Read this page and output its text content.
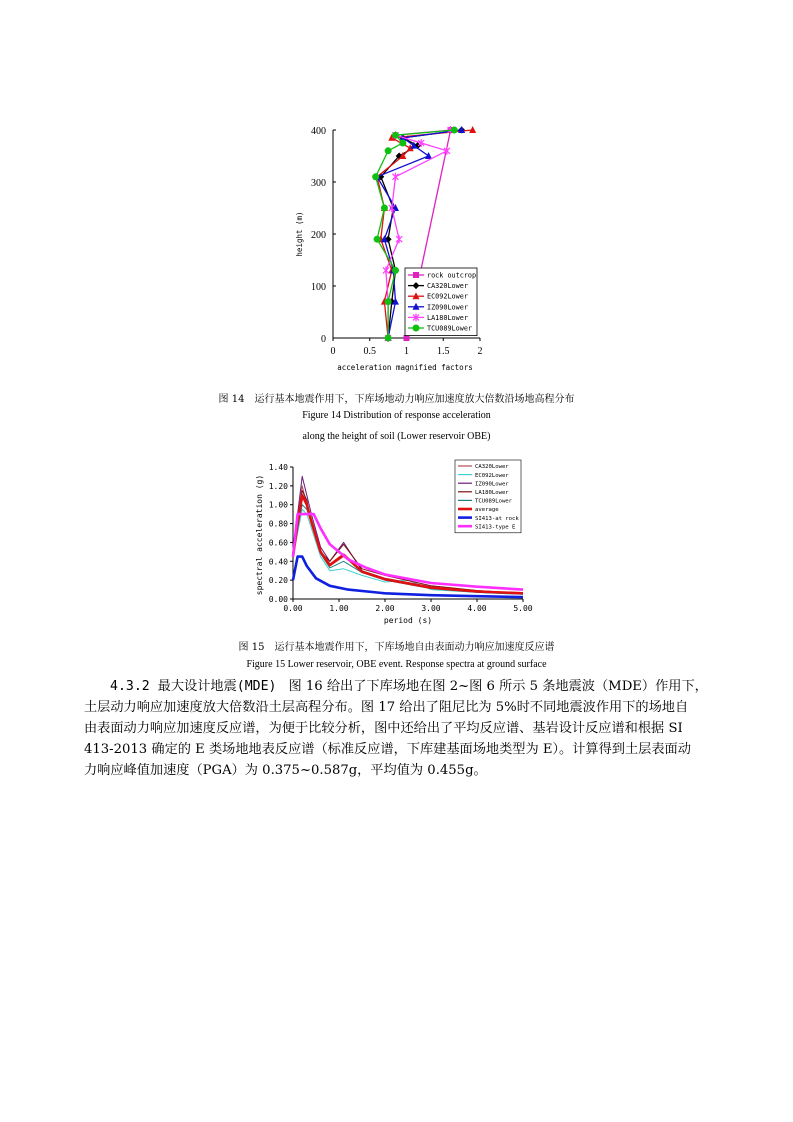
0	0.5	1	1.5	2
0
100
200
300
400
rock outcrop
CA320Lower
EC092Lower
IZ090Lower
LA180Lower
TCU089Lower
acceleration magnified factors
height (m)
图 14　运行基本地震作用下，下库场地动力响应加速度放大倍数沿场地高程分布
Figure 14 Distribution of response acceleration
along the height of soil (Lower reservoir OBE)
0.00	1.00	2.00	3.00	4.00	5.00
0.00
0.20
0.40
0.60
0.80
1.00
1.20
1.40	CA320Lower
EC092Lower
IZ090Lower
LA180Lower
TCU089Lower
average
SI413-at rock
SI413-type E
period (s)
spectral acceleration (g)
图 15　运行基本地震作用下，下库场地自由表面动力响应加速度反应谱
Figure 15 Lower reservoir, OBE event. Response spectra at ground surface

4.3.2 最大设计地震(MDE) 图 16 给出了下库场地在图 2~图 6 所示 5 条地震波（MDE）作用下，

土层动力响应加速度放大倍数沿土层高程分布。图 17 给出了阻尼比为 5%时不同地震波作用下的场地自

由表面动力响应加速度反应谱，为便于比较分析，图中还给出了平均反应谱、基岩设计反应谱和根据 SI

413-2013 确定的 E 类场地地表反应谱（标准反应谱，下库建基面场地类型为 E）。计算得到土层表面动

力响应峰值加速度（PGA）为 0.375~0.587g，平均值为 0.455g。
